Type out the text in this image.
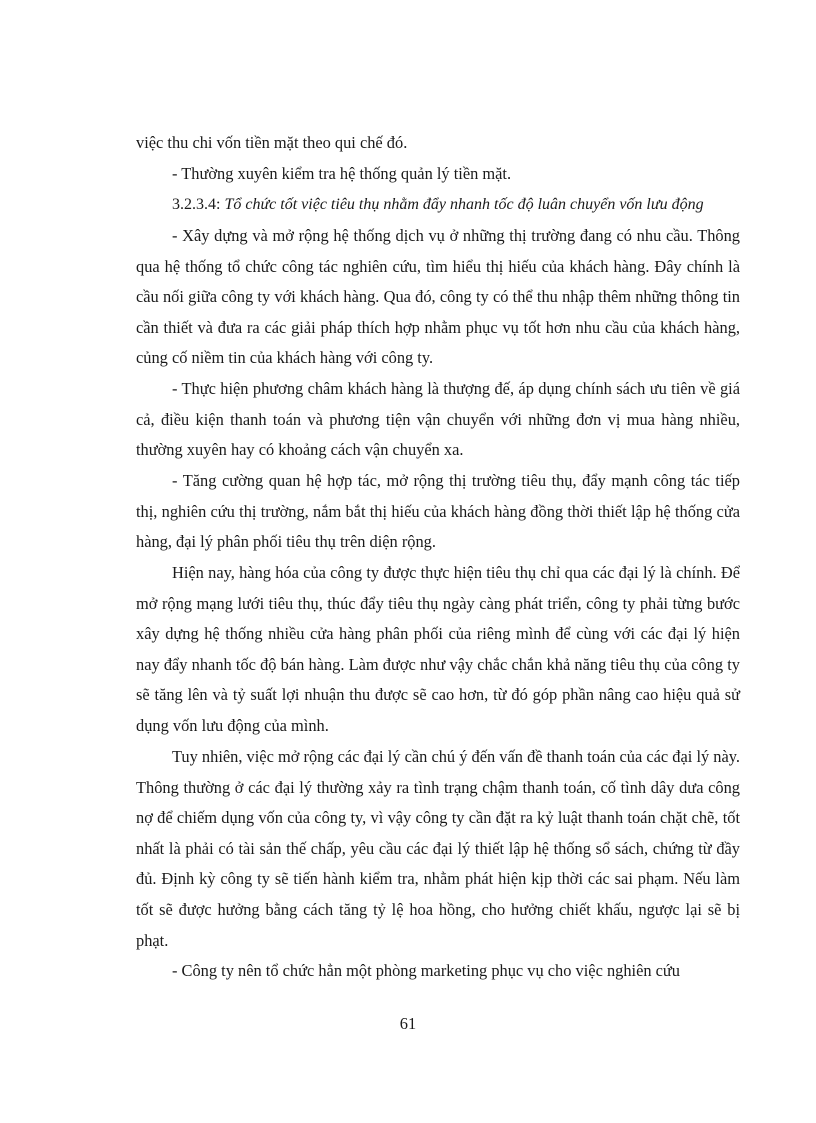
việc thu chi vốn tiền mặt theo qui chế đó.

- Thường xuyên kiểm tra hệ thống quản lý tiền mặt.

3.2.3.4: Tổ chức tốt việc tiêu thụ nhằm đẩy nhanh tốc độ luân chuyển vốn lưu động

- Xây dựng và mở rộng hệ thống dịch vụ ở những thị trường đang có nhu cầu. Thông qua hệ thống tổ chức công tác nghiên cứu, tìm hiểu thị hiếu của khách hàng. Đây chính là cầu nối giữa công ty với khách hàng. Qua đó, công ty có thể thu nhập thêm những thông tin cần thiết và đưa ra các giải pháp thích hợp nhằm phục vụ tốt hơn nhu cầu của khách hàng, củng cố niềm tin của khách hàng với công ty.

- Thực hiện phương châm khách hàng là thượng đế, áp dụng chính sách ưu tiên về giá cả, điều kiện thanh toán và phương tiện vận chuyển với những đơn vị mua hàng nhiều, thường xuyên hay có khoảng cách vận chuyển xa.

- Tăng cường quan hệ hợp tác, mở rộng thị trường tiêu thụ, đẩy mạnh công tác tiếp thị, nghiên cứu thị trường, nắm bắt thị hiếu của khách hàng đồng thời thiết lập hệ thống cửa hàng, đại lý phân phối tiêu thụ trên diện rộng.

Hiện nay, hàng hóa của công ty được thực hiện tiêu thụ chỉ qua các đại lý là chính. Để mở rộng mạng lưới tiêu thụ, thúc đẩy tiêu thụ ngày càng phát triển, công ty phải từng bước xây dựng hệ thống nhiều cửa hàng phân phối của riêng mình để cùng với các đại lý hiện nay đẩy nhanh tốc độ bán hàng. Làm được như vậy chắc chắn khả năng tiêu thụ của công ty sẽ tăng lên và tỷ suất lợi nhuận thu được sẽ cao hơn, từ đó góp phần nâng cao hiệu quả sử dụng vốn lưu động của mình.

Tuy nhiên, việc mở rộng các đại lý cần chú ý đến vấn đề thanh toán của các đại lý này. Thông thường ở các đại lý thường xảy ra tình trạng chậm thanh toán, cố tình dây dưa công nợ để chiếm dụng vốn của công ty, vì vậy công ty cần đặt ra kỷ luật thanh toán chặt chẽ, tốt nhất là phải có tài sản thế chấp, yêu cầu các đại lý thiết lập hệ thống sổ sách, chứng từ đầy đủ. Định kỳ công ty sẽ tiến hành kiểm tra, nhằm phát hiện kịp thời các sai phạm. Nếu làm tốt sẽ được hưởng bằng cách tăng tỷ lệ hoa hồng, cho hưởng chiết khấu, ngược lại sẽ bị phạt.

- Công ty nên tổ chức hẳn một phòng marketing phục vụ cho việc nghiên cứu

61
